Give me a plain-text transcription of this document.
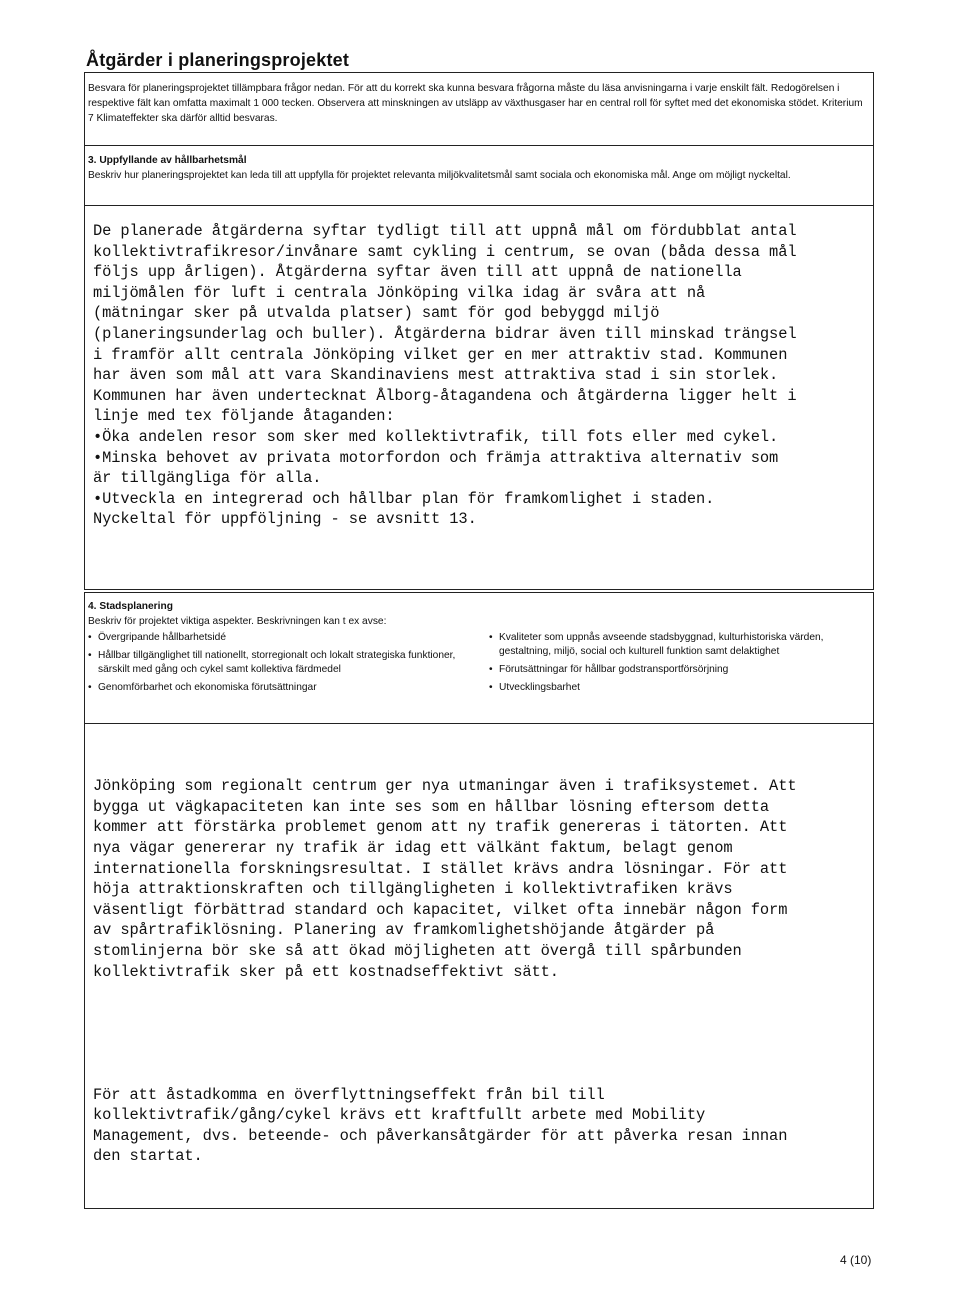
Åtgärder i planeringsprojektet
Besvara för planeringsprojektet tillämpbara frågor nedan. För att du korrekt ska kunna besvara frågorna måste du läsa anvisningarna i varje enskilt fält. Redogörelsen i respektive fält kan omfatta maximalt 1 000 tecken. Observera att minskningen av utsläpp av växthusgaser har en central roll för syftet med det ekonomiska stödet. Kriterium 7 Klimateffekter ska därför alltid besvaras.
3. Uppfyllande av hållbarhetsmål
Beskriv hur planeringsprojektet kan leda till att uppfylla för projektet relevanta miljökvalitetsmål samt sociala och ekonomiska mål. Ange om möjligt nyckeltal.
De planerade åtgärderna syftar tydligt till att uppnå mål om fördubblat antal
kollektivtrafikresor/invånare samt cykling i centrum, se ovan (båda dessa mål
följs upp årligen). Åtgärderna syftar även till att uppnå de nationella
miljömålen för luft i centrala Jönköping vilka idag är svåra att nå
(mätningar sker på utvalda platser) samt för god bebyggd miljö
(planeringsunderlag och buller). Åtgärderna bidrar även till minskad trängsel
i framför allt centrala Jönköping vilket ger en mer attraktiv stad. Kommunen
har även som mål att vara Skandinaviens mest attraktiva stad i sin storlek.
Kommunen har även undertecknat Ålborg-åtagandena och åtgärderna ligger helt i
linje med tex följande åtaganden:
•Öka andelen resor som sker med kollektivtrafik, till fots eller med cykel.
•Minska behovet av privata motorfordon och främja attraktiva alternativ som
är tillgängliga för alla.
•Utveckla en integrerad och hållbar plan för framkomlighet i staden.
Nyckeltal för uppföljning - se avsnitt 13.
4. Stadsplanering
Beskriv för projektet viktiga aspekter. Beskrivningen kan t ex avse:
• Övergripande hållbarhetsidé
• Hållbar tillgänglighet till nationellt, storregionalt och lokalt strategiska funktioner, särskilt med gång och cykel samt kollektiva färdmedel
• Genomförbarhet och ekonomiska förutsättningar
• Kvaliteter som uppnås avseende stadsbyggnad, kulturhistoriska värden, gestaltning, miljö, social och kulturell funktion samt delaktighet
• Förutsättningar för hållbar godstransportförsörjning
• Utvecklingsbarhet

Jönköping som regionalt centrum ger nya utmaningar även i trafiksystemet. Att
bygga ut vägkapaciteten kan inte ses som en hållbar lösning eftersom detta
kommer att förstärka problemet genom att ny trafik genereras i tätorten. Att
nya vägar genererar ny trafik är idag ett välkänt faktum, belagt genom
internationella forskningsresultat. I stället krävs andra lösningar. För att
höja attraktionskraften och tillgängligheten i kollektivtrafiken krävs
väsentligt förbättrad standard och kapacitet, vilket ofta innebär någon form
av spårtrafiklösning. Planering av framkomlighetshöjande åtgärder på
stomlinjerna bör ske så att ökad möjligheten att övergå till spårbunden
kollektivtrafik sker på ett kostnadseffektivt sätt.

För att åstadkomma en överflyttningseffekt från bil till
kollektivtrafik/gång/cykel krävs ett kraftfullt arbete med Mobility
Management, dvs. beteende- och påverkansåtgärder för att påverka resan innan
den startat.

4 (10)
